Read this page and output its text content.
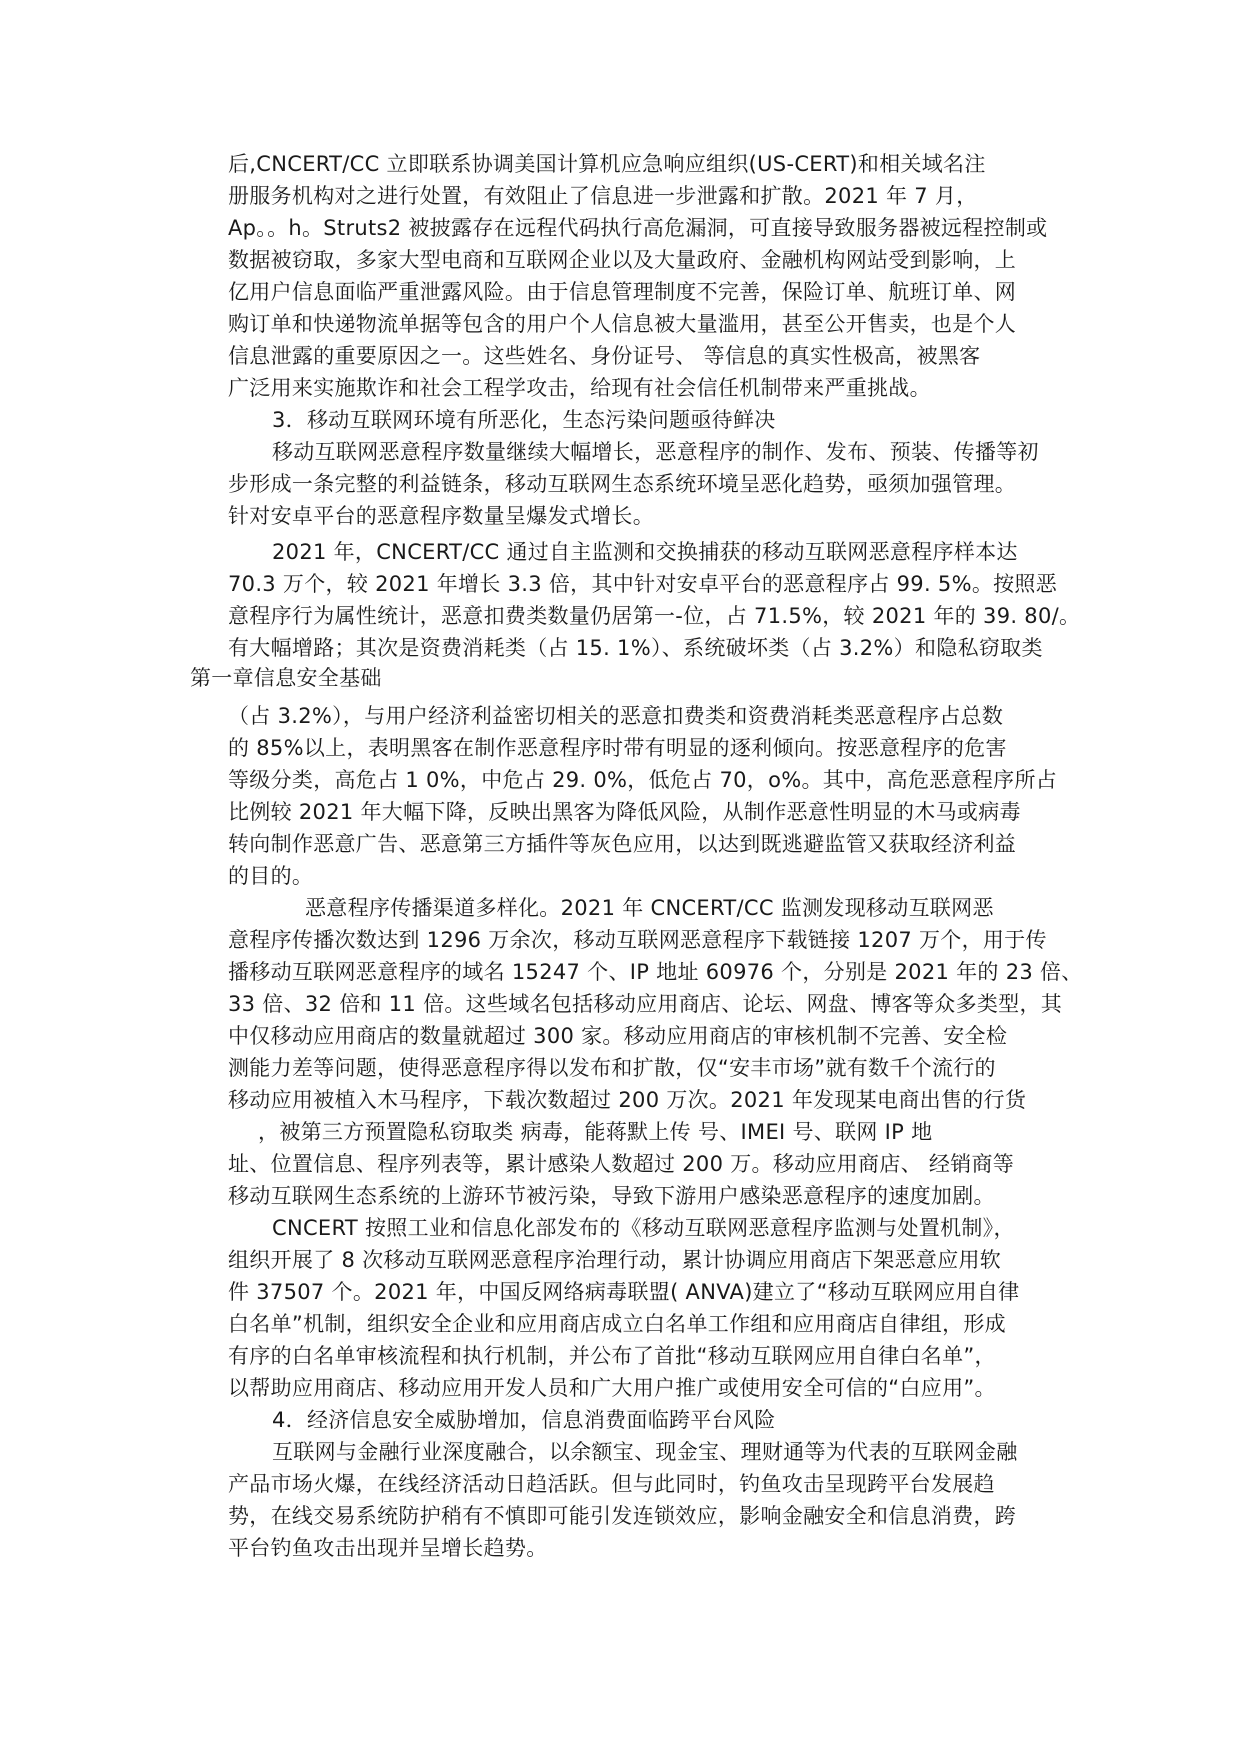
后,CNCERT/CC 立即联系协调美国计算机应急响应组织(US-CERT)和相关域名注
册服务机构对之进行处置，有效阻止了信息进一步泄露和扩散。2021 年 7 月，
Ap。。h。Struts2 被披露存在远程代码执行高危漏洞，可直接导致服务器被远程控制或
数据被窃取，多家大型电商和互联网企业以及大量政府、金融机构网站受到影响，上
亿用户信息面临严重泄露风险。由于信息管理制度不完善，保险订单、航班订单、网
购订单和快递物流单据等包含的用户个人信息被大量滥用，甚至公开售卖，也是个人
信息泄露的重要原因之一。这些姓名、身份证号、 等信息的真实性极高，被黑客
广泛用来实施欺诈和社会工程学攻击，给现有社会信任机制带来严重挑战。
3．移动互联网环境有所恶化，生态污染问题亟待鲜决
移动互联网恶意程序数量继续大幅增长，恶意程序的制作、发布、预装、传播等初
步形成一条完整的利益链条，移动互联网生态系统环境呈恶化趋势，亟须加强管理。
针对安卓平台的恶意程序数量呈爆发式增长。
2021 年，CNCERT/CC 通过自主监测和交换捕获的移动互联网恶意程序样本达
70.3 万个，较 2021 年增长 3.3 倍，其中针对安卓平台的恶意程序占 99. 5%。按照恶
意程序行为属性统计，恶意扣费类数量仍居第一-位，占 71.5%，较 2021 年的 39. 80/。
有大幅增路；其次是资费消耗类（占 15. 1%）、系统破坏类（占 3.2%）和隐私窃取类
第一章信息安全基础
（占 3.2%），与用户经济利益密切相关的恶意扣费类和资费消耗类恶意程序占总数
的 85%以上，表明黑客在制作恶意程序时带有明显的逐利倾向。按恶意程序的危害
等级分类，高危占 1 0%，中危占 29. 0%，低危占 70，o%。其中，高危恶意程序所占
比例较 2021 年大幅下降，反映出黑客为降低风险，从制作恶意性明显的木马或病毒
转向制作恶意广告、恶意第三方插件等灰色应用，以达到既逃避监管又获取经济利益
的目的。
恶意程序传播渠道多样化。2021 年 CNCERT/CC 监测发现移动互联网恶
意程序传播次数达到 1296 万余次，移动互联网恶意程序下载链接 1207 万个，用于传
播移动互联网恶意程序的域名 15247 个、IP 地址 60976 个，分别是 2021 年的 23 倍、
33 倍、32 倍和 11 倍。这些域名包括移动应用商店、论坛、网盘、博客等众多类型，其
中仅移动应用商店的数量就超过 300 家。移动应用商店的审核机制不完善、安全检
测能力差等问题，使得恶意程序得以发布和扩散，仅“安丰市场”就有数千个流行的
移动应用被植入木马程序，下载次数超过 200 万次。2021 年发现某电商出售的行货
，被第三方预置隐私窃取类 病毒，能蒋默上传 号、IMEI 号、联网 IP 地
址、位置信息、程序列表等，累计感染人数超过 200 万。移动应用商店、 经销商等
移动互联网生态系统的上游环节被污染，导致下游用户感染恶意程序的速度加剧。
CNCERT 按照工业和信息化部发布的《移动互联网恶意程序监测与处置机制》，
组织开展了 8 次移动互联网恶意程序治理行动，累计协调应用商店下架恶意应用软
件 37507 个。2021 年，中国反网络病毒联盟( ANVA)建立了“移动互联网应用自律
白名单”机制，组织安全企业和应用商店成立白名单工作组和应用商店自律组，形成
有序的白名单审核流程和执行机制，并公布了首批“移动互联网应用自律白名单”，
以帮助应用商店、移动应用开发人员和广大用户推广或使用安全可信的“白应用”。
4．经济信息安全威胁增加，信息消费面临跨平台风险
互联网与金融行业深度融合，以余额宝、现金宝、理财通等为代表的互联网金融
产品市场火爆，在线经济活动日趋活跃。但与此同时，钓鱼攻击呈现跨平台发展趋
势，在线交易系统防护稍有不慎即可能引发连锁效应，影响金融安全和信息消费，跨
平台钓鱼攻击出现并呈增长趋势。
